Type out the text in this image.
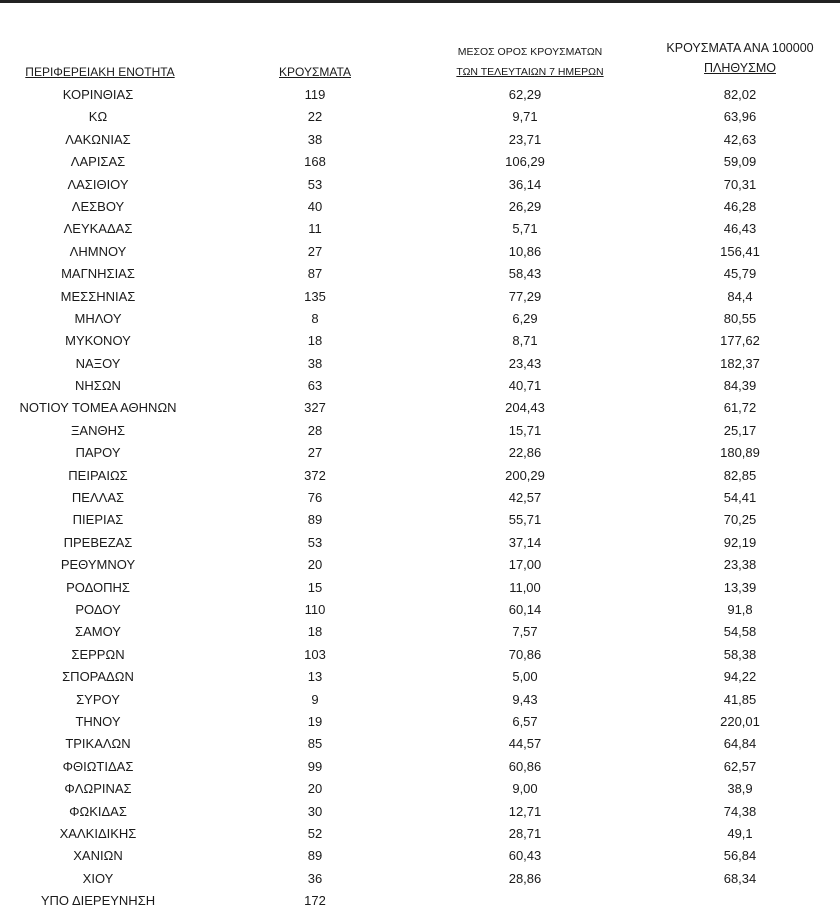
ΠΕΡΙΦΕΡΕΙΑΚΗ ΕΝΟΤΗΤΑ	ΚΡΟΥΣΜΑΤΑ
ΜΕΣΟΣ ΟΡΟΣ ΚΡΟΥΣΜΑΤΩΝ
ΤΩΝ ΤΕΛΕΥΤΑΙΩΝ 7 ΗΜΕΡΩΝ
ΚΡΟΥΣΜΑΤΑ ΑΝΑ 100000
ΠΛΗΘΥΣΜΟ
ΚΟΡΙΝΘΙΑΣ	119	62,29	82,02
ΚΩ	22	9,71	63,96
ΛΑΚΩΝΙΑΣ	38	23,71	42,63
ΛΑΡΙΣΑΣ	168	106,29	59,09
ΛΑΣΙΘΙΟΥ	53	36,14	70,31
ΛΕΣΒΟΥ	40	26,29	46,28
ΛΕΥΚΑΔΑΣ	11	5,71	46,43
ΛΗΜΝΟΥ	27	10,86	156,41
ΜΑΓΝΗΣΙΑΣ	87	58,43	45,79
ΜΕΣΣΗΝΙΑΣ	135	77,29	84,4
ΜΗΛΟΥ	8	6,29	80,55
ΜΥΚΟΝΟΥ	18	8,71	177,62
ΝΑΞΟΥ	38	23,43	182,37
ΝΗΣΩΝ	63	40,71	84,39
ΝΟΤΙΟΥ ΤΟΜΕΑ ΑΘΗΝΩΝ	327	204,43	61,72
ΞΑΝΘΗΣ	28	15,71	25,17
ΠΑΡΟΥ	27	22,86	180,89
ΠΕΙΡΑΙΩΣ	372	200,29	82,85
ΠΕΛΛΑΣ	76	42,57	54,41
ΠΙΕΡΙΑΣ	89	55,71	70,25
ΠΡΕΒΕΖΑΣ	53	37,14	92,19
ΡΕΘΥΜΝΟΥ	20	17,00	23,38
ΡΟΔΟΠΗΣ	15	11,00	13,39
ΡΟΔΟΥ	110	60,14	91,8
ΣΑΜΟΥ	18	7,57	54,58
ΣΕΡΡΩΝ	103	70,86	58,38
ΣΠΟΡΑΔΩΝ	13	5,00	94,22
ΣΥΡΟΥ	9	9,43	41,85
ΤΗΝΟΥ	19	6,57	220,01
ΤΡΙΚΑΛΩΝ	85	44,57	64,84
ΦΘΙΩΤΙΔΑΣ	99	60,86	62,57
ΦΛΩΡΙΝΑΣ	20	9,00	38,9
ΦΩΚΙΔΑΣ	30	12,71	74,38
ΧΑΛΚΙΔΙΚΗΣ	52	28,71	49,1
ΧΑΝΙΩΝ	89	60,43	56,84
ΧΙΟΥ	36	28,86	68,34
ΥΠΟ ΔΙΕΡΕΥΝΗΣΗ	172
